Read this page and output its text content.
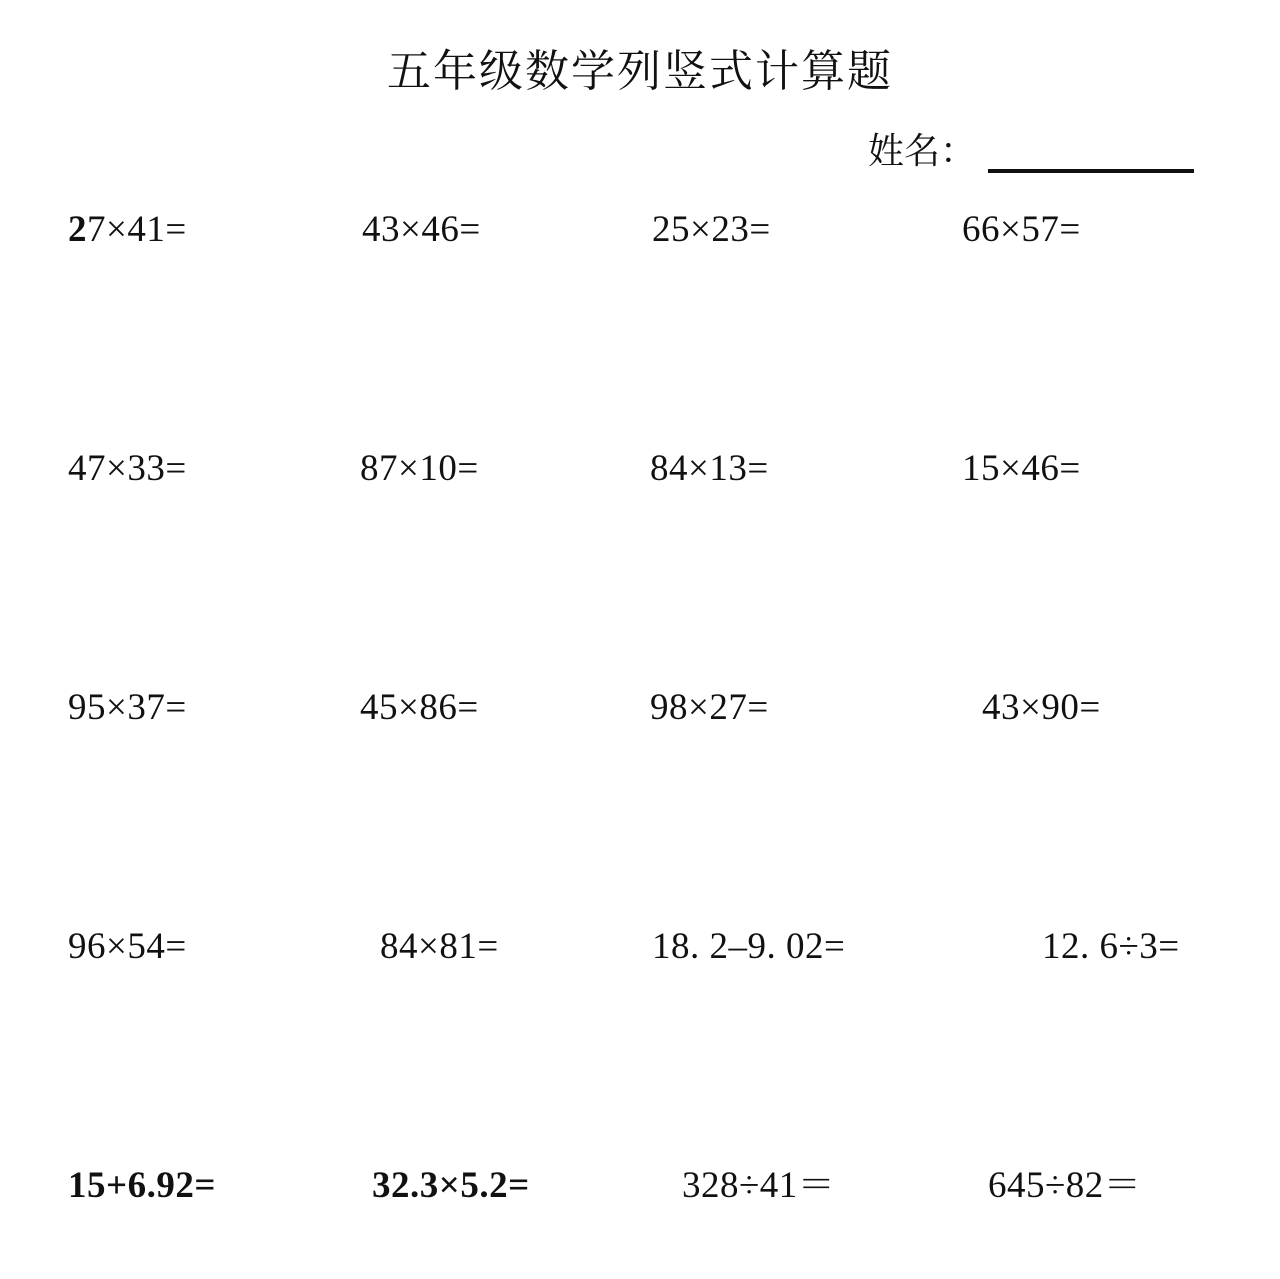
五年级数学列竖式计算题
姓名：
27×41=	43×46=	25×23=	66×57=
47×33=	87×10=	84×13=	15×46=
95×37=	45×86=	98×27=	43×90=
96×54=	84×81=	18. 2–9. 02=	12. 6÷3=
15+6.92=	32.3×5.2=	328÷41＝	645÷82＝
